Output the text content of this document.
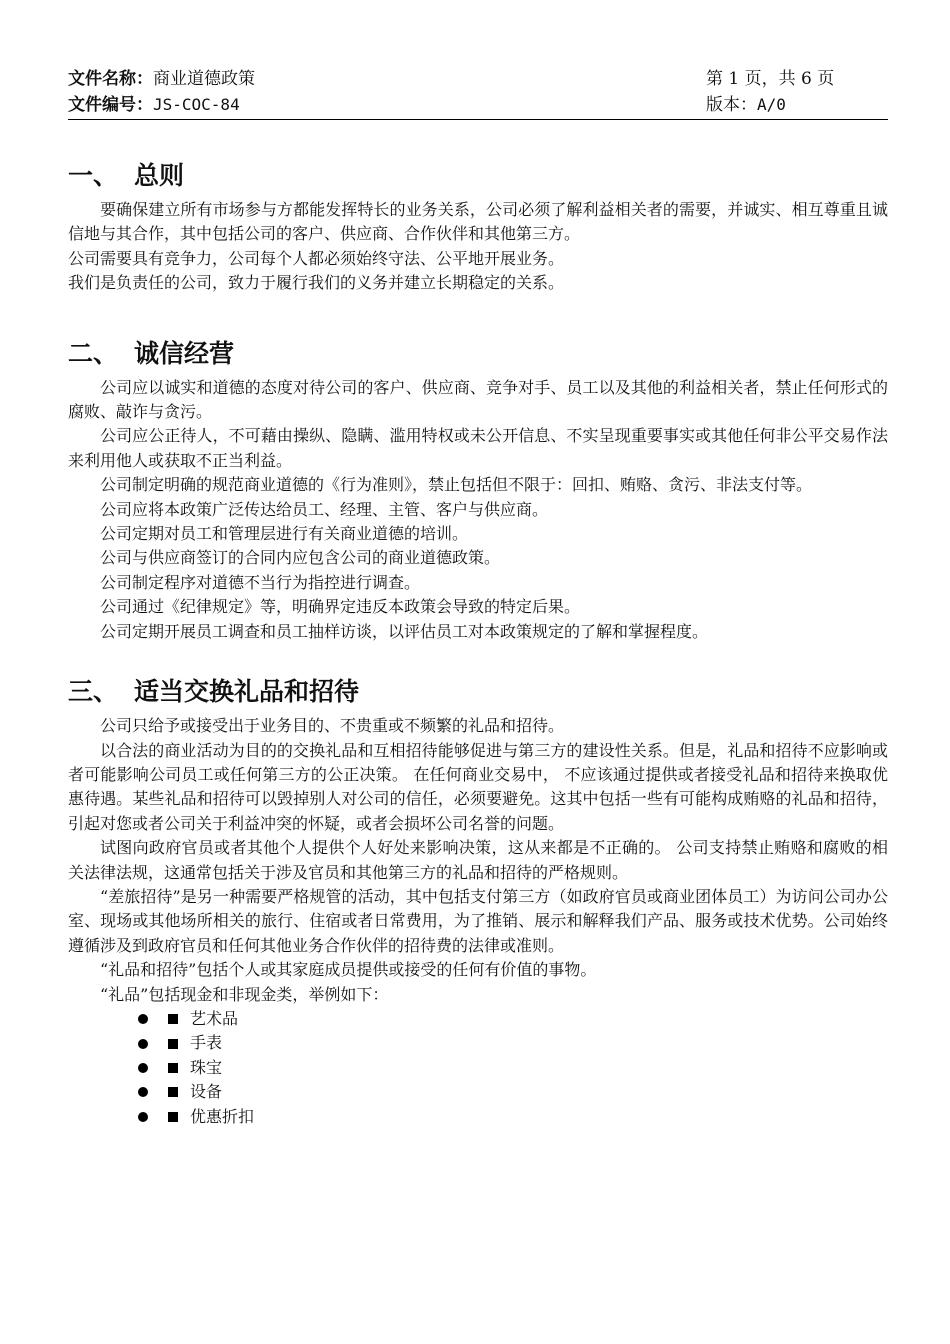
文件名称：商业道德政策
文件编号：JS-COC-84
第 1 页，共 6 页
版本：A/0
一、 总则

要确保建立所有市场参与方都能发挥特长的业务关系，公司必须了解利益相关者的需要，并诚实、相互尊重且诚信地与其合作，其中包括公司的客户、供应商、合作伙伴和其他第三方。

公司需要具有竞争力，公司每个人都必须始终守法、公平地开展业务。

我们是负责任的公司，致力于履行我们的义务并建立长期稳定的关系。

二、 诚信经营

公司应以诚实和道德的态度对待公司的客户、供应商、竞争对手、员工以及其他的利益相关者，禁止任何形式的腐败、敲诈与贪污。

公司应公正待人，不可藉由操纵、隐瞒、滥用特权或未公开信息、不实呈现重要事实或其他任何非公平交易作法来利用他人或获取不正当利益。

公司制定明确的规范商业道德的《行为准则》，禁止包括但不限于：回扣、贿赂、贪污、非法支付等。

公司应将本政策广泛传达给员工、经理、主管、客户与供应商。

公司定期对员工和管理层进行有关商业道德的培训。

公司与供应商签订的合同内应包含公司的商业道德政策。

公司制定程序对道德不当行为指控进行调查。

公司通过《纪律规定》等，明确界定违反本政策会导致的特定后果。

公司定期开展员工调查和员工抽样访谈，以评估员工对本政策规定的了解和掌握程度。

三、 适当交换礼品和招待

公司只给予或接受出于业务目的、不贵重或不频繁的礼品和招待。

以合法的商业活动为目的的交换礼品和互相招待能够促进与第三方的建设性关系。但是，礼品和招待不应影响或者可能影响公司员工或任何第三方的公正决策。 在任何商业交易中， 不应该通过提供或者接受礼品和招待来换取优惠待遇。某些礼品和招待可以毁掉别人对公司的信任，必须要避免。这其中包括一些有可能构成贿赂的礼品和招待，引起对您或者公司关于利益冲突的怀疑，或者会损坏公司名誉的问题。

试图向政府官员或者其他个人提供个人好处来影响决策，这从来都是不正确的。 公司支持禁止贿赂和腐败的相关法律法规，这通常包括关于涉及官员和其他第三方的礼品和招待的严格规则。

“差旅招待”是另一种需要严格规管的活动，其中包括支付第三方（如政府官员或商业团体员工）为访问公司办公室、现场或其他场所相关的旅行、住宿或者日常费用，为了推销、展示和解释我们产品、服务或技术优势。公司始终遵循涉及到政府官员和任何其他业务合作伙伴的招待费的法律或准则。

“礼品和招待”包括个人或其家庭成员提供或接受的任何有价值的事物。

“礼品”包括现金和非现金类，举例如下：

艺术品
手表
珠宝
设备
优惠折扣
